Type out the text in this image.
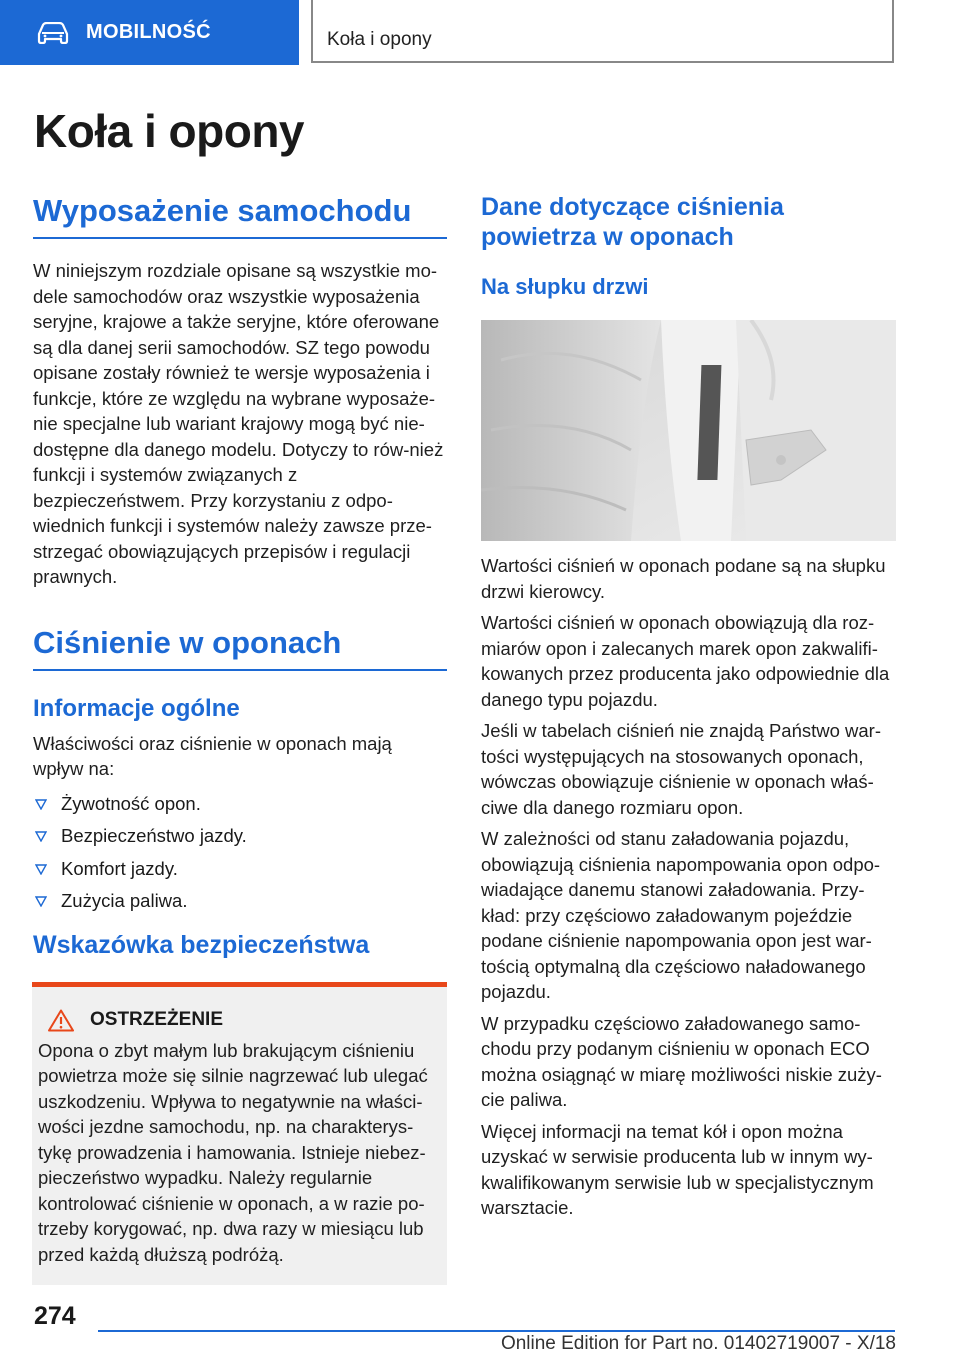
MOBILNOŚĆ	Koła i opony
Koła i opony
Wyposażenie samochodu

W niniejszym rozdziale opisane są wszystkie mo-dele samochodów oraz wszystkie wyposażenia seryjne, krajowe a także seryjne, które oferowane są dla danej serii samochodów. SZ tego powodu opisane zostały również te wersje wyposażenia i funkcje, które ze względu na wybrane wyposaże-nie specjalne lub wariant krajowy mogą być nie-dostępne dla danego modelu. Dotyczy to rów-nież funkcji i systemów związanych z bezpieczeństwem. Przy korzystaniu z odpo-wiednich funkcji i systemów należy zawsze prze-strzegać obowiązujących przepisów i regulacji prawnych.

Ciśnienie w oponach
Informacje ogólne

Właściwości oraz ciśnienie w oponach mają wpływ na:

Żywotność opon.
Bezpieczeństwo jazdy.
Komfort jazdy.
Zużycia paliwa.
Wskazówka bezpieczeństwa
OSTRZEŻENIE

Opona o zbyt małym lub brakującym ciśnieniu powietrza może się silnie nagrzewać lub ulegać uszkodzeniu. Wpływa to negatywnie na właści-wości jezdne samochodu, np. na charakterys-tykę prowadzenia i hamowania. Istnieje niebez-pieczeństwo wypadku. Należy regularnie kontrolować ciśnienie w oponach, a w razie po-trzeby korygować, np. dwa razy w miesiącu lub przed każdą dłuższą podróżą.

Dane dotyczące ciśnienia powietrza w oponach
Na słupku drzwi

Wartości ciśnień w oponach podane są na słupku drzwi kierowcy.

Wartości ciśnień w oponach obowiązują dla roz-miarów opon i zalecanych marek opon zakwalifi-kowanych przez producenta jako odpowiednie dla danego typu pojazdu.

Jeśli w tabelach ciśnień nie znajdą Państwo war-tości występujących na stosowanych oponach, wówczas obowiązuje ciśnienie w oponach właś-ciwe dla danego rozmiaru opon.

W zależności od stanu załadowania pojazdu, obowiązują ciśnienia napompowania opon odpo-wiadające danemu stanowi załadowania. Przy-kład: przy częściowo załadowanym pojeździe podane ciśnienie napompowania opon jest war-tością optymalną dla częściowo naładowanego pojazdu.

W przypadku częściowo załadowanego samo-chodu przy podanym ciśnieniu w oponach ECO można osiągnąć w miarę możliwości niskie zuży-cie paliwa.

Więcej informacji na temat kół i opon można uzyskać w serwisie producenta lub w innym wy-kwalifikowanym serwisie lub w specjalistycznym warsztacie.

274
Online Edition for Part no. 01402719007 - X/18
